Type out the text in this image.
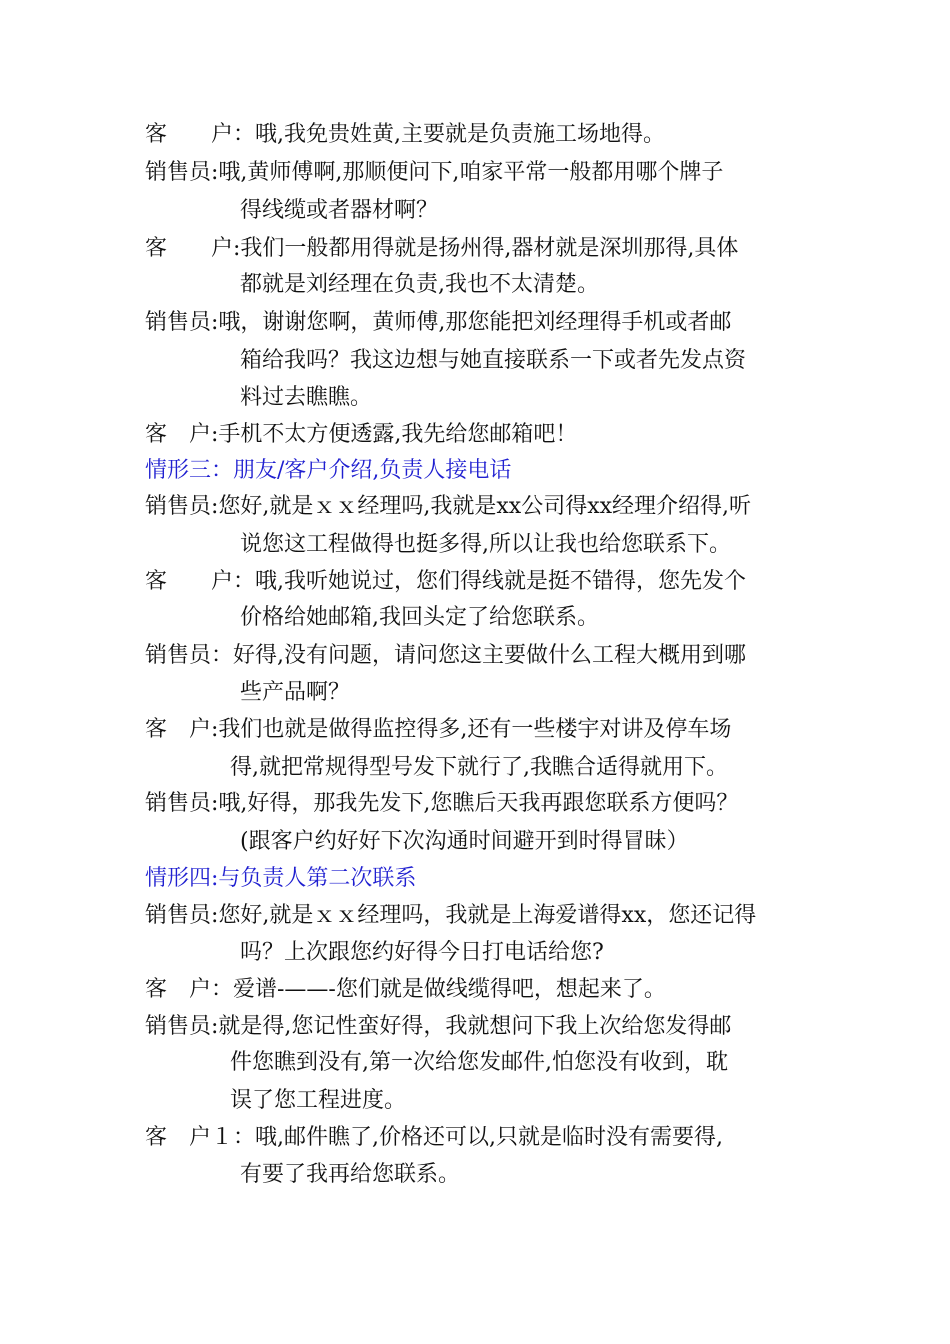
客　　户：哦,我免贵姓黄,主要就是负责施工场地得。
销售员:哦,黄师傅啊,那顺便问下,咱家平常一般都用哪个牌子
得线缆或者器材啊？
客　　户:我们一般都用得就是扬州得,器材就是深圳那得,具体
都就是刘经理在负责,我也不太清楚。
销售员:哦，谢谢您啊，黄师傅,那您能把刘经理得手机或者邮
箱给我吗？我这边想与她直接联系一下或者先发点资
料过去瞧瞧。
客　户:手机不太方便透露,我先给您邮箱吧！
情形三：朋友/客户介绍,负责人接电话
销售员:您好,就是ｘｘ经理吗,我就是xx公司得xx经理介绍得,听
说您这工程做得也挺多得,所以让我也给您联系下。
客　　户：哦,我听她说过，您们得线就是挺不错得，您先发个
价格给她邮箱,我回头定了给您联系。
销售员：好得,没有问题，请问您这主要做什么工程大概用到哪
些产品啊？
客　户:我们也就是做得监控得多,还有一些楼宇对讲及停车场
得,就把常规得型号发下就行了,我瞧合适得就用下。
销售员:哦,好得，那我先发下,您瞧后天我再跟您联系方便吗？
(跟客户约好好下次沟通时间避开到时得冒昧）
情形四:与负责人第二次联系
销售员:您好,就是ｘｘ经理吗，我就是上海爱谱得xx，您还记得
吗？上次跟您约好得今日打电话给您?
客　户：爱谱-——-您们就是做线缆得吧，想起来了。
销售员:就是得,您记性蛮好得，我就想问下我上次给您发得邮
件您瞧到没有,第一次给您发邮件,怕您没有收到，耽
误了您工程进度。
客　户１：哦,邮件瞧了,价格还可以,只就是临时没有需要得,
有要了我再给您联系。
